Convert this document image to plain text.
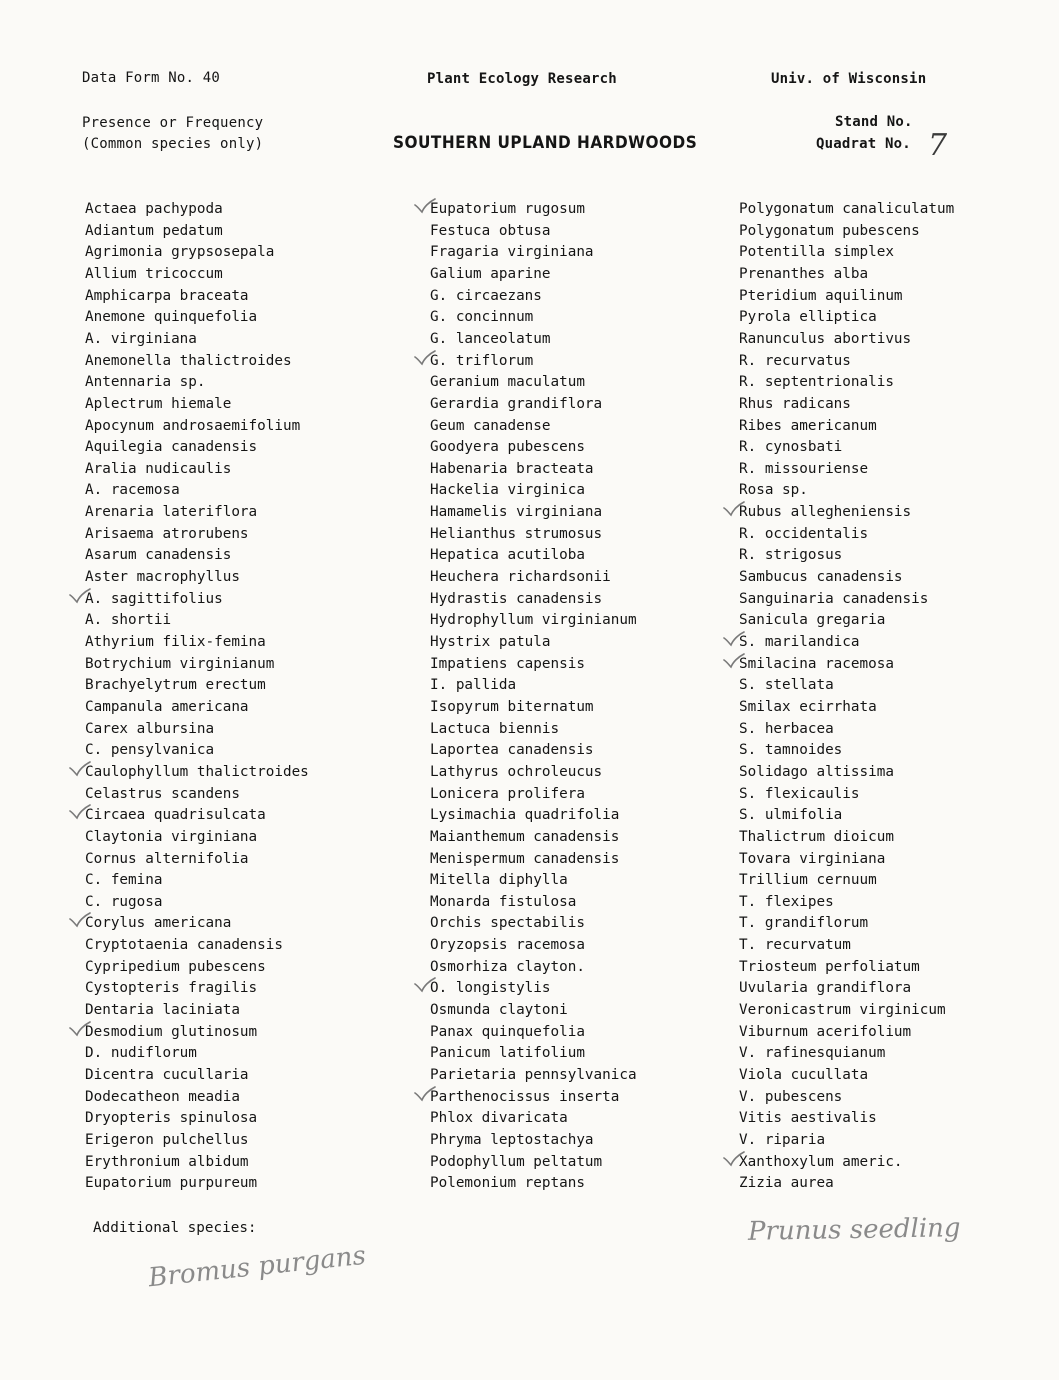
Data Form No. 40	Plant Ecology Research	Univ. of Wisconsin
Presence or Frequency
(Common species only)	SOUTHERN UPLAND HARDWOODS
Stand No.
Quadrat No. 7
Actaea pachypoda
Adiantum pedatum
Agrimonia grypsosepala
Allium tricoccum
Amphicarpa braceata
Anemone quinquefolia
A. virginiana
Anemonella thalictroides
Antennaria sp.
Aplectrum hiemale
Apocynum androsaemifolium
Aquilegia canadensis
Aralia nudicaulis
A. racemosa
Arenaria lateriflora
Arisaema atrorubens
Asarum canadensis
Aster macrophyllus
A. sagittifolius
A. shortii
Athyrium filix-femina
Botrychium virginianum
Brachyelytrum erectum
Campanula americana
Carex albursina
C. pensylvanica
Caulophyllum thalictroides
Celastrus scandens
Circaea quadrisulcata
Claytonia virginiana
Cornus alternifolia
C. femina
C. rugosa
Corylus americana
Cryptotaenia canadensis
Cypripedium pubescens
Cystopteris fragilis
Dentaria laciniata
Desmodium glutinosum
D. nudiflorum
Dicentra cucullaria
Dodecatheon meadia
Dryopteris spinulosa
Erigeron pulchellus
Erythronium albidum
Eupatorium purpureum
Eupatorium rugosum
Festuca obtusa
Fragaria virginiana
Galium aparine
G. circaezans
G. concinnum
G. lanceolatum
G. triflorum
Geranium maculatum
Gerardia grandiflora
Geum canadense
Goodyera pubescens
Habenaria bracteata
Hackelia virginica
Hamamelis virginiana
Helianthus strumosus
Hepatica acutiloba
Heuchera richardsonii
Hydrastis canadensis
Hydrophyllum virginianum
Hystrix patula
Impatiens capensis
I. pallida
Isopyrum biternatum
Lactuca biennis
Laportea canadensis
Lathyrus ochroleucus
Lonicera prolifera
Lysimachia quadrifolia
Maianthemum canadensis
Menispermum canadensis
Mitella diphylla
Monarda fistulosa
Orchis spectabilis
Oryzopsis racemosa
Osmorhiza clayton.
O. longistylis
Osmunda claytoni
Panax quinquefolia
Panicum latifolium
Parietaria pennsylvanica
Parthenocissus inserta
Phlox divaricata
Phryma leptostachya
Podophyllum peltatum
Polemonium reptans
Polygonatum canaliculatum
Polygonatum pubescens
Potentilla simplex
Prenanthes alba
Pteridium aquilinum
Pyrola elliptica
Ranunculus abortivus
R. recurvatus
R. septentrionalis
Rhus radicans
Ribes americanum
R. cynosbati
R. missouriense
Rosa sp.
Rubus allegheniensis
R. occidentalis
R. strigosus
Sambucus canadensis
Sanguinaria canadensis
Sanicula gregaria
S. marilandica
Smilacina racemosa
S. stellata
Smilax ecirrhata
S. herbacea
S. tamnoides
Solidago altissima
S. flexicaulis
S. ulmifolia
Thalictrum dioicum
Tovara virginiana
Trillium cernuum
T. flexipes
T. grandiflorum
T. recurvatum
Triosteum perfoliatum
Uvularia grandiflora
Veronicastrum virginicum
Viburnum acerifolium
V. rafinesquianum
Viola cucullata
V. pubescens
Vitis aestivalis
V. riparia
Xanthoxylum americ.
Zizia aurea
Additional species:
Bromus purgans
Prunus seedling
